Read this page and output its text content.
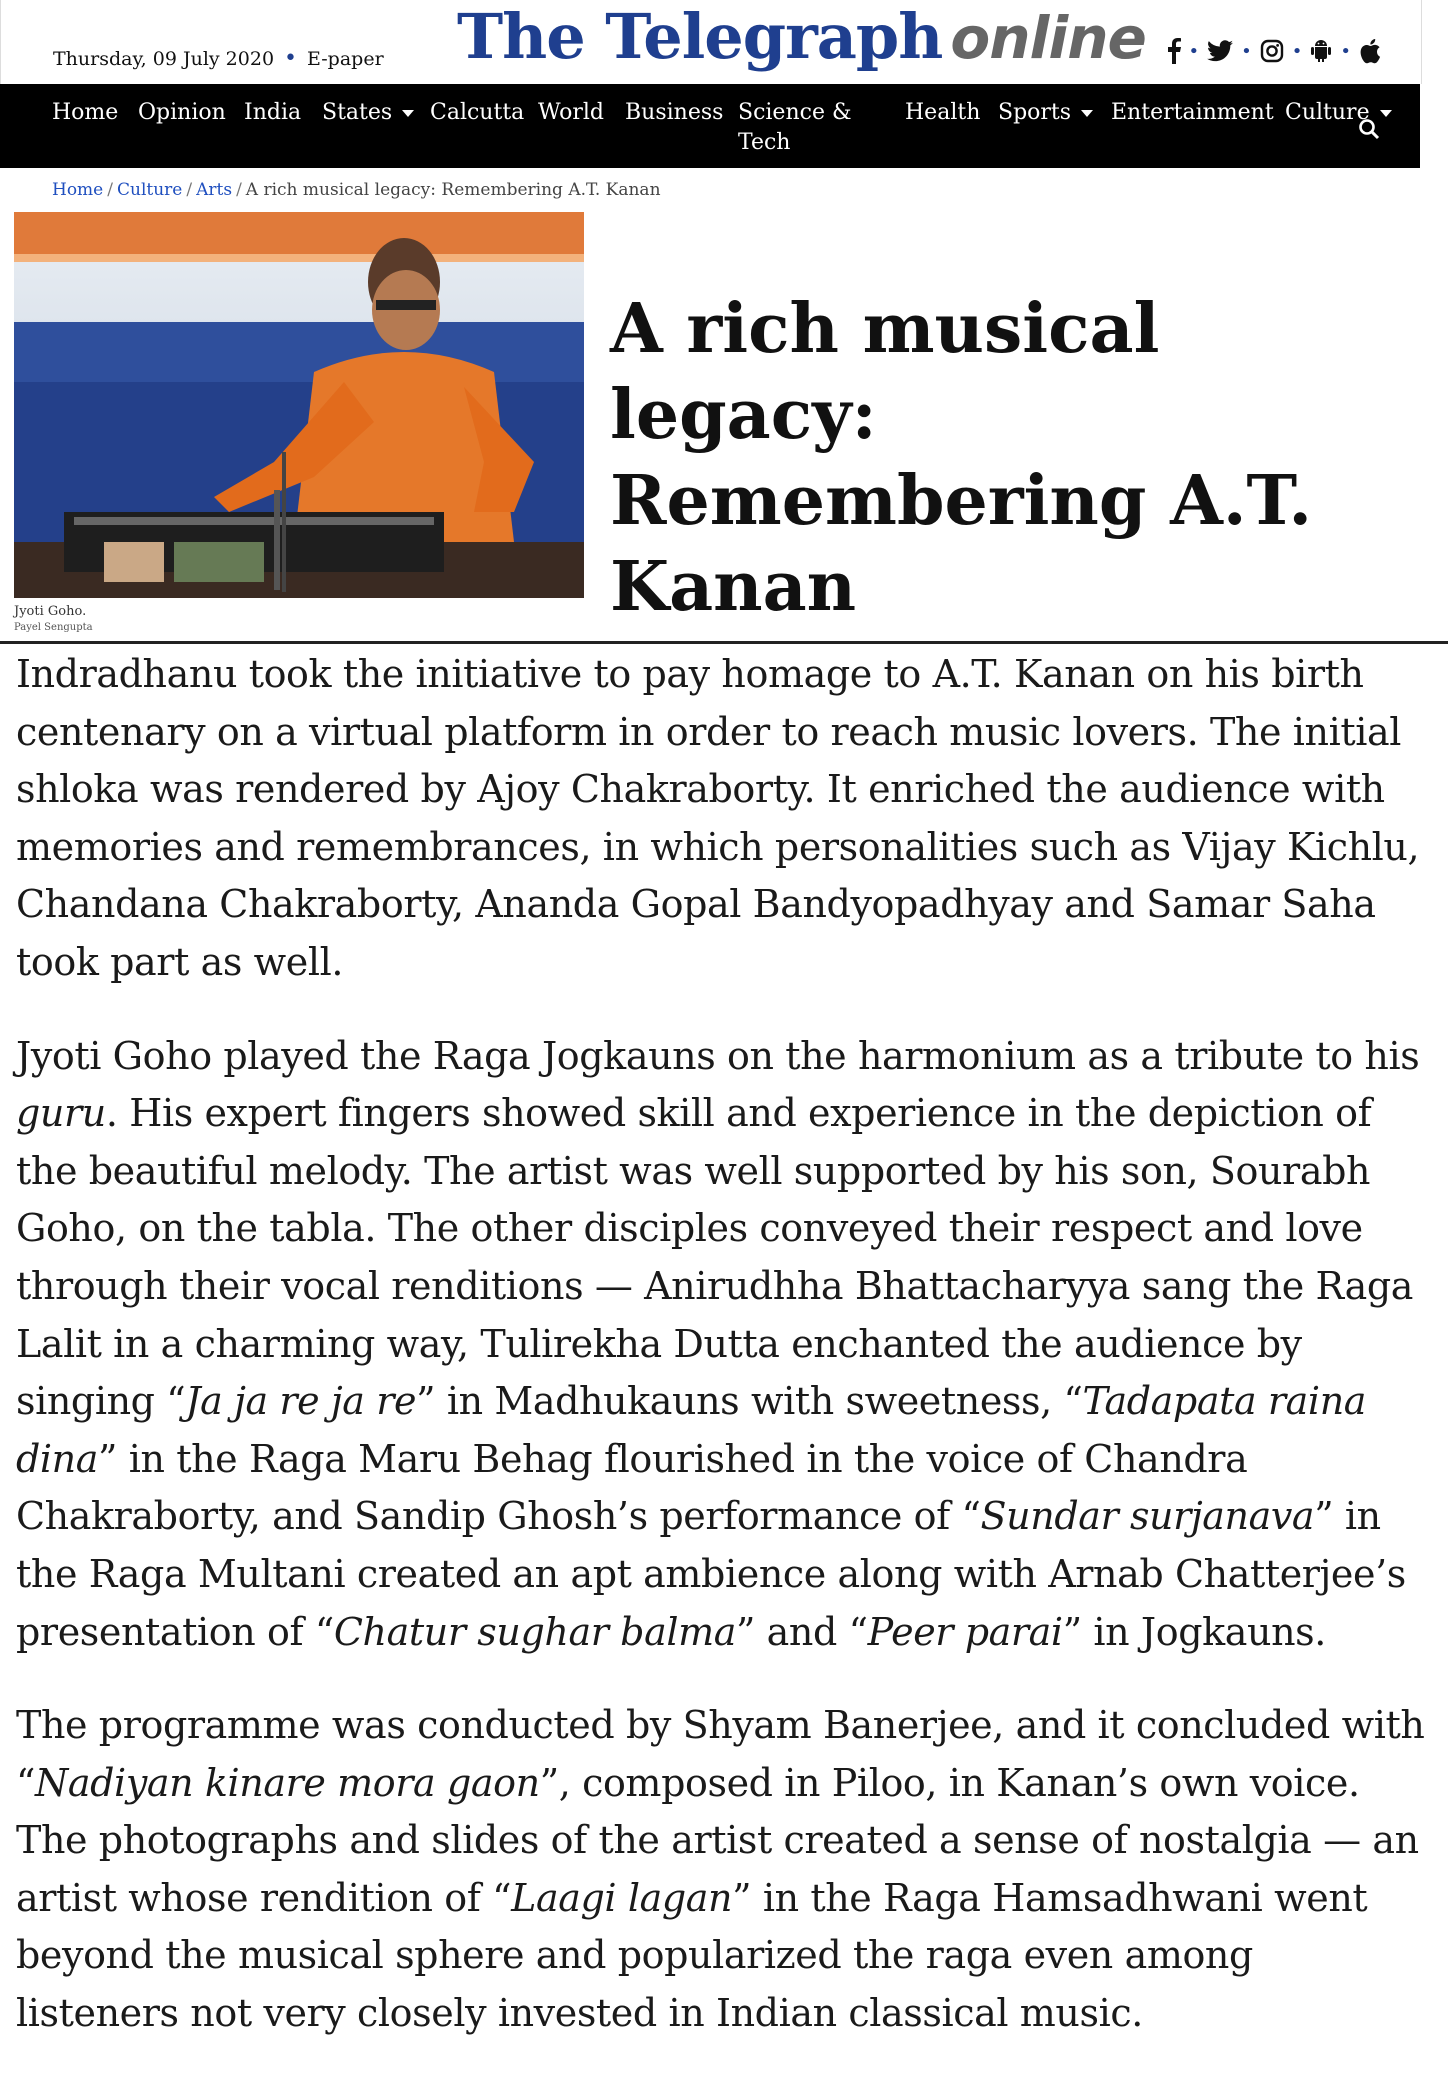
Thursday, 09 July 2020 • E-paper The Telegraph online • • • •
Home Opinion India States	Calcutta World Business Science &
Tech
Health Sports	Entertainment Culture
Home / Culture / Arts / A rich musical legacy: Remembering A.T. Kanan
Jyoti Goho.
Payel Sengupta
A rich musical legacy:
Remembering A.T. Kanan

Indradhanu took the initiative to pay homage to A.T. Kanan on his birth centenary on a virtual platform in order to reach music lovers. The initial shloka was rendered by Ajoy Chakraborty. It enriched the audience with memories and remembrances, in which personalities such as Vijay Kichlu, Chandana Chakraborty, Ananda Gopal Bandyopadhyay and Samar Saha took part as well.

Jyoti Goho played the Raga Jogkauns on the harmonium as a tribute to his guru. His expert fingers showed skill and experience in the depiction of the beautiful melody. The artist was well supported by his son, Sourabh Goho, on the tabla. The other disciples conveyed their respect and love through their vocal renditions — Anirudhha Bhattacharyya sang the Raga Lalit in a charming way, Tulirekha Dutta enchanted the audience by singing “Ja ja re ja re” in Madhukauns with sweetness, “Tadapata raina dina” in the Raga Maru Behag flourished in the voice of Chandra Chakraborty, and Sandip Ghosh’s performance of “Sundar surjanava” in the Raga Multani created an apt ambience along with Arnab Chatterjee’s presentation of “Chatur sughar balma” and “Peer parai” in Jogkauns.

The programme was conducted by Shyam Banerjee, and it concluded with “Nadiyan kinare mora gaon”, composed in Piloo, in Kanan’s own voice. The photographs and slides of the artist created a sense of nostalgia — an artist whose rendition of “Laagi lagan” in the Raga Hamsadhwani went beyond the musical sphere and popularized the raga even among listeners not very closely invested in Indian classical music.
